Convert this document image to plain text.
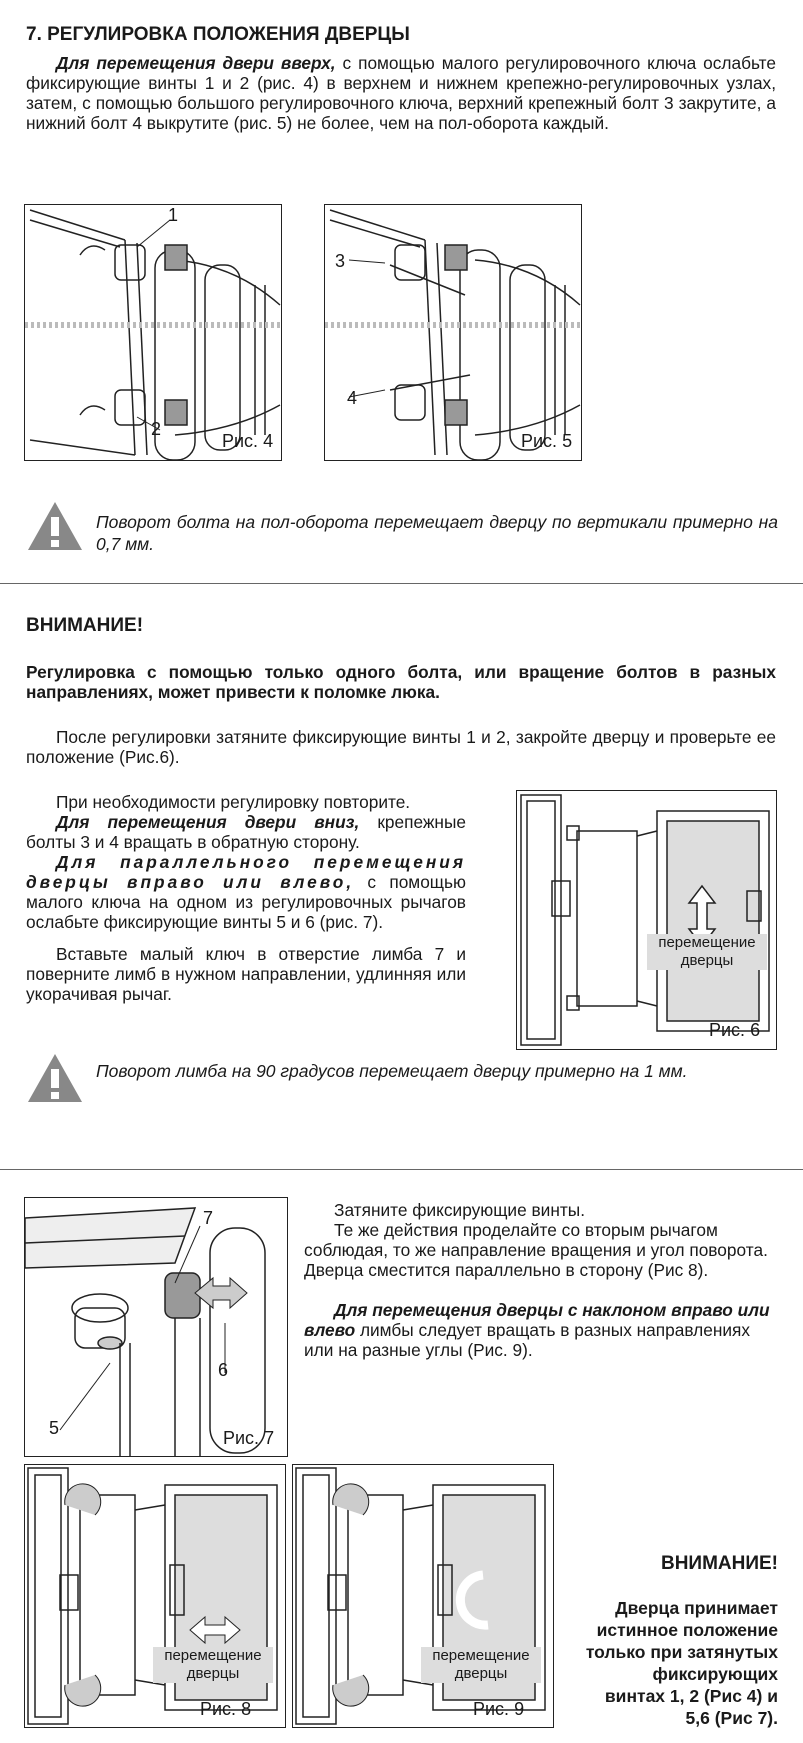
7. РЕГУЛИРОВКА ПОЛОЖЕНИЯ ДВЕРЦЫ
Для перемещения двери вверх, с помощью малого регулировочного ключа ослабьте фиксирующие винты 1 и 2 (рис. 4) в верхнем и нижнем крепежно-регулировочных узлах, затем, с помощью большого регулировочного ключа, верхний крепежный болт 3 закрутите, а нижний болт 4 выкрутите (рис. 5) не более, чем на пол-оборота каждый.
1
2
Рис. 4
3
4
Рис. 5
Поворот болта на пол-оборота перемещает дверцу по вертикали примерно на 0,7 мм.
ВНИМАНИЕ!
Регулировка с помощью только одного болта, или вращение болтов в разных направлениях, может привести к поломке люка.
После регулировки затяните фиксирующие винты 1 и 2, закройте дверцу и проверьте ее положение (Рис.6).
При необходимости регулировку повторите.
Для перемещения двери вниз, крепежные болты 3 и 4 вращать в обратную сторону.
Для параллельного перемещения дверцы вправо или влево, с помощью малого ключа на одном из регулировочных рычагов ослабьте фиксирующие винты 5 и 6 (рис. 7).
Вставьте малый ключ в отверстие лимба 7 и поверните лимб в нужном направлении, удлинняя или укорачивая рычаг.
перемещение
дверцы
Рис. 6
Поворот лимба на 90 градусов перемещает дверцу примерно на 1 мм.
7
6
5	Рис. 7
Затяните фиксирующие винты.
Те же действия проделайте со вторым рычагом соблюдая, то же направление вращения и угол поворота. Дверца сместится параллельно в сторону (Рис 8).
Для перемещения дверцы с наклоном вправо или влево лимбы следует вращать в разных направлениях или на разные углы (Рис. 9).
перемещение
дверцы
Рис. 8
перемещение
дверцы
Рис. 9
ВНИМАНИЕ!
Дверца принимает
истинное положение
только при затянутых
фиксирующих
винтах 1, 2 (Рис 4) и
5,6 (Рис 7).
